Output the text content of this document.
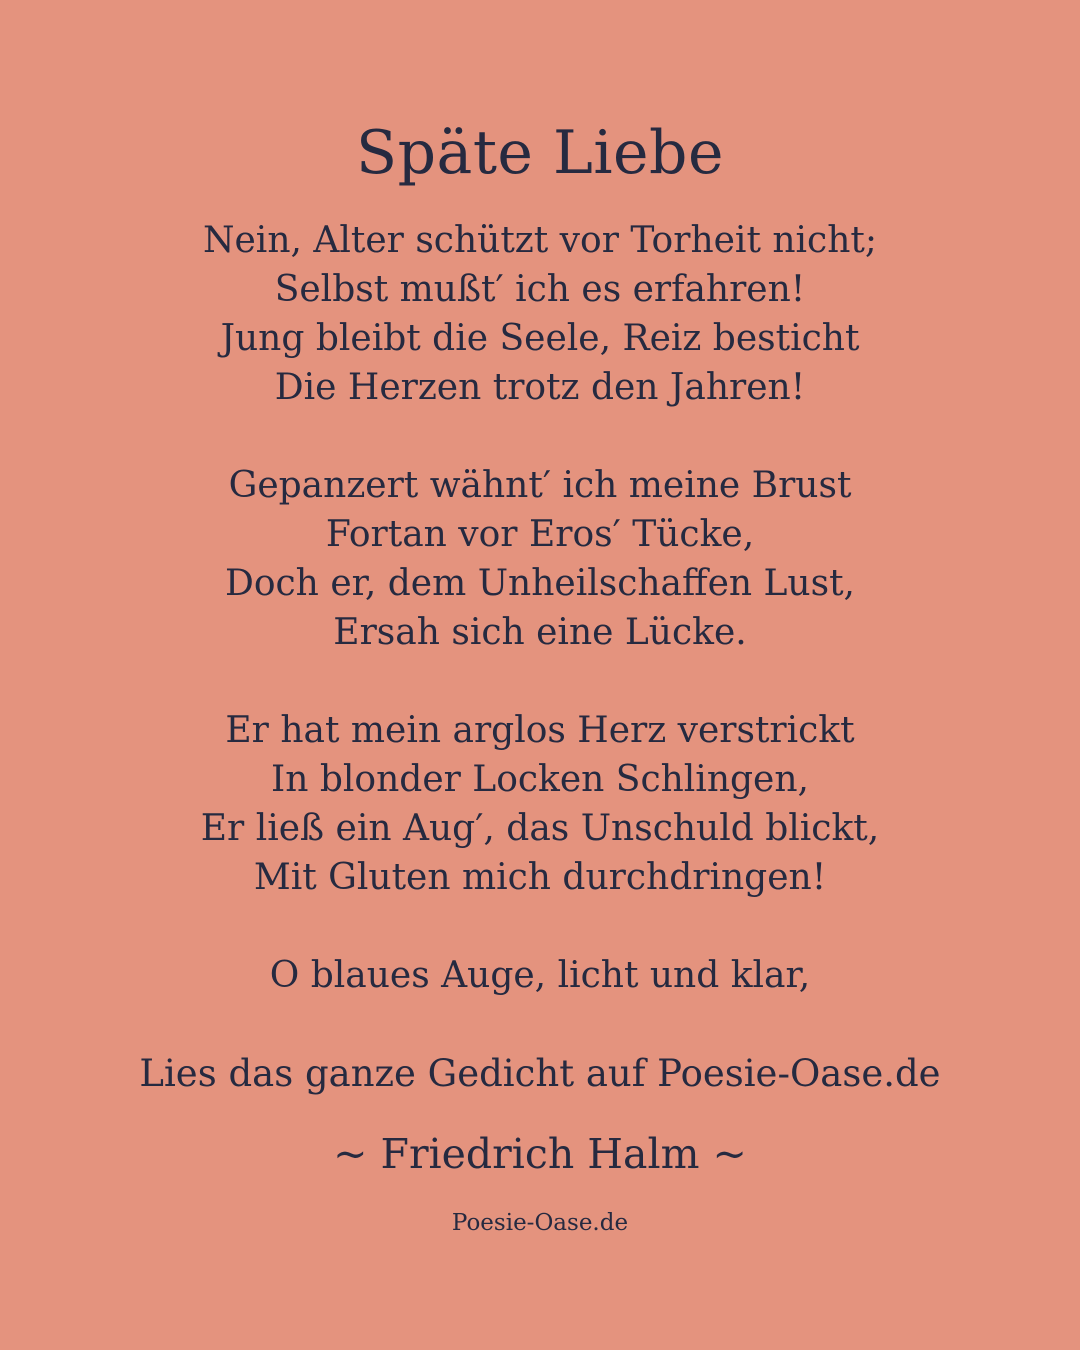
Späte Liebe
Nein, Alter schützt vor Torheit nicht;
Selbst mußt′ ich es erfahren!
Jung bleibt die Seele, Reiz besticht
Die Herzen trotz den Jahren!
Gepanzert wähnt′ ich meine Brust
Fortan vor Eros′ Tücke,
Doch er, dem Unheilschaffen Lust,
Ersah sich eine Lücke.
Er hat mein arglos Herz verstrickt
In blonder Locken Schlingen,
Er ließ ein Aug′, das Unschuld blickt,
Mit Gluten mich durchdringen!
O blaues Auge, licht und klar,
Lies das ganze Gedicht auf Poesie-Oase.de
~ Friedrich Halm ~
Poesie-Oase.de
